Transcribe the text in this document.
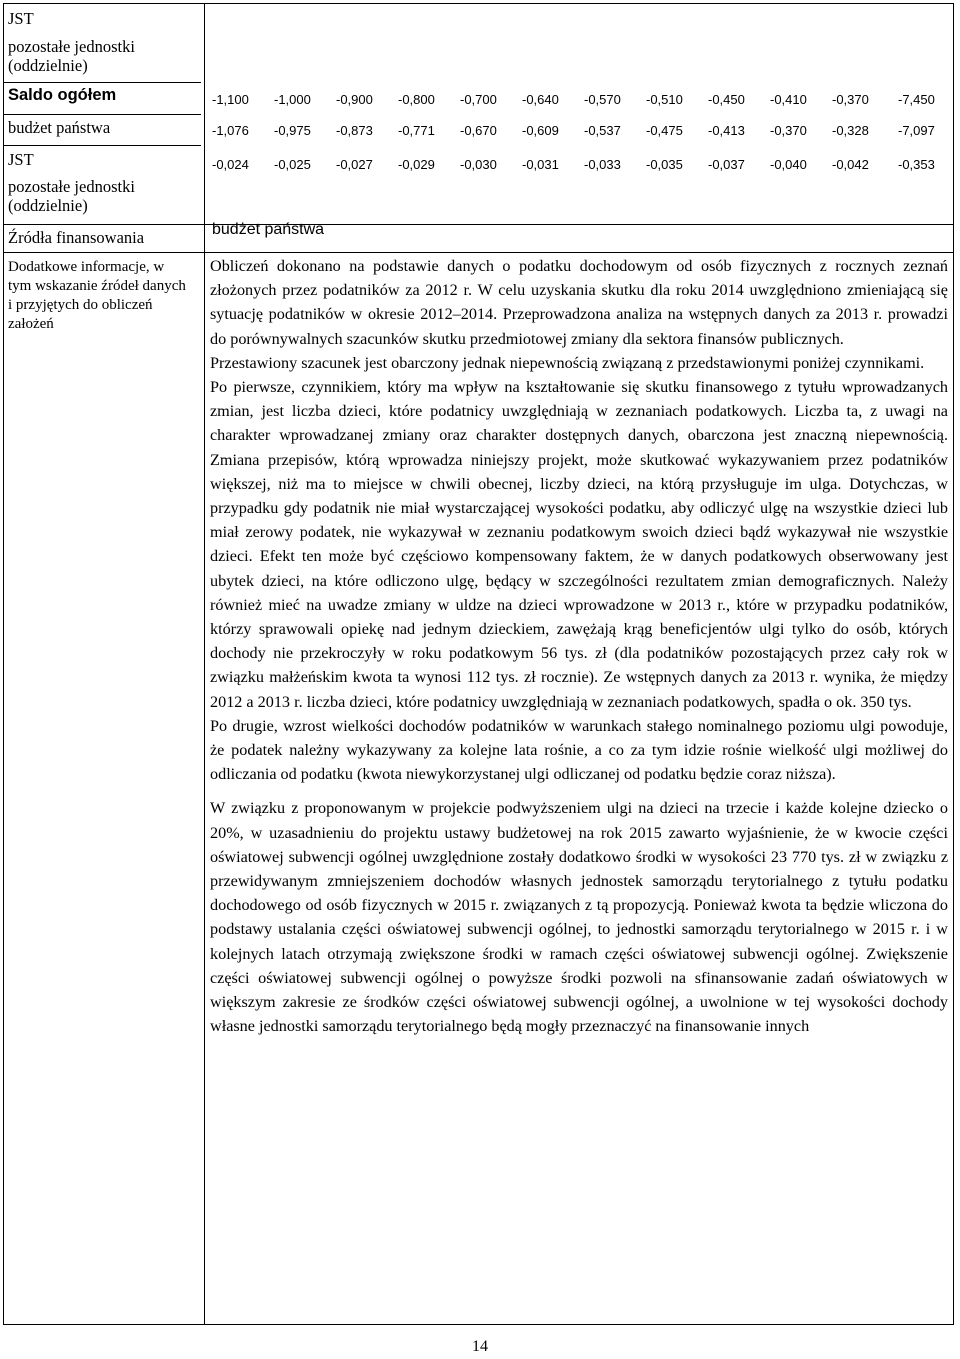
JST
pozostałe jednostki (oddzielnie)
Saldo ogółem
budżet państwa
JST
pozostałe jednostki (oddzielnie)
Źródła finansowania
Dodatkowe informacje, w tym wskazanie źródeł danych i przyjętych do obliczeń założeń
-1,100 -1,000 -0,900 -0,800 -0,700 -0,640 -0,570 -0,510 -0,450 -0,410 -0,370 -7,450
-1,076 -0,975 -0,873 -0,771 -0,670 -0,609 -0,537 -0,475 -0,413 -0,370 -0,328 -7,097
-0,024 -0,025 -0,027 -0,029 -0,030 -0,031 -0,033 -0,035 -0,037 -0,040 -0,042 -0,353
budżet państwa

Obliczeń dokonano na podstawie danych o podatku dochodowym od osób fizycznych z rocznych zeznań złożonych przez podatników za 2012 r. W celu uzyskania skutku dla roku 2014 uwzględniono zmieniającą się sytuację podatników w okresie 2012–2014. Przeprowadzona analiza na wstępnych danych za 2013 r. prowadzi do porównywalnych szacunków skutku przedmiotowej zmiany dla sektora finansów publicznych.

Przestawiony szacunek jest obarczony jednak niepewnością związaną z przedstawionymi poniżej czynnikami.

Po pierwsze, czynnikiem, który ma wpływ na kształtowanie się skutku finansowego z tytułu wprowadzanych zmian, jest liczba dzieci, które podatnicy uwzględniają w zeznaniach podatkowych. Liczba ta, z uwagi na charakter wprowadzanej zmiany oraz charakter dostępnych danych, obarczona jest znaczną niepewnością. Zmiana przepisów, którą wprowadza niniejszy projekt, może skutkować wykazywaniem przez podatników większej, niż ma to miejsce w chwili obecnej, liczby dzieci, na którą przysługuje im ulga. Dotychczas, w przypadku gdy podatnik nie miał wystarczającej wysokości podatku, aby odliczyć ulgę na wszystkie dzieci lub miał zerowy podatek, nie wykazywał w zeznaniu podatkowym swoich dzieci bądź wykazywał nie wszystkie dzieci. Efekt ten może być częściowo kompensowany faktem, że w danych podatkowych obserwowany jest ubytek dzieci, na które odliczono ulgę, będący w szczególności rezultatem zmian demograficznych. Należy również mieć na uwadze zmiany w uldze na dzieci wprowadzone w 2013 r., które w przypadku podatników, którzy sprawowali opiekę nad jednym dzieckiem, zawężają krąg beneficjentów ulgi tylko do osób, których dochody nie przekroczyły w roku podatkowym 56 tys. zł (dla podatników pozostających przez cały rok w związku małżeńskim kwota ta wynosi 112 tys. zł rocznie). Ze wstępnych danych za 2013 r. wynika, że między 2012 a 2013 r. liczba dzieci, które podatnicy uwzględniają w zeznaniach podatkowych, spadła o ok. 350 tys.

Po drugie, wzrost wielkości dochodów podatników w warunkach stałego nominalnego poziomu ulgi powoduje, że podatek należny wykazywany za kolejne lata rośnie, a co za tym idzie rośnie wielkość ulgi możliwej do odliczania od podatku (kwota niewykorzystanej ulgi odliczanej od podatku będzie coraz niższa).

W związku z proponowanym w projekcie podwyższeniem ulgi na dzieci na trzecie i każde kolejne dziecko o 20%, w uzasadnieniu do projektu ustawy budżetowej na rok 2015 zawarto wyjaśnienie, że w kwocie części oświatowej subwencji ogólnej uwzględnione zostały dodatkowo środki w wysokości 23 770 tys. zł w związku z przewidywanym zmniejszeniem dochodów własnych jednostek samorządu terytorialnego z tytułu podatku dochodowego od osób fizycznych w 2015 r. związanych z tą propozycją. Ponieważ kwota ta będzie wliczona do podstawy ustalania części oświatowej subwencji ogólnej, to jednostki samorządu terytorialnego w 2015 r. i w kolejnych latach otrzymają zwiększone środki w ramach części oświatowej subwencji ogólnej. Zwiększenie części oświatowej subwencji ogólnej o powyższe środki pozwoli na sfinansowanie zadań oświatowych w większym zakresie ze środków części oświatowej subwencji ogólnej, a uwolnione w tej wysokości dochody własne jednostki samorządu terytorialnego będą mogły przeznaczyć na finansowanie innych

14
